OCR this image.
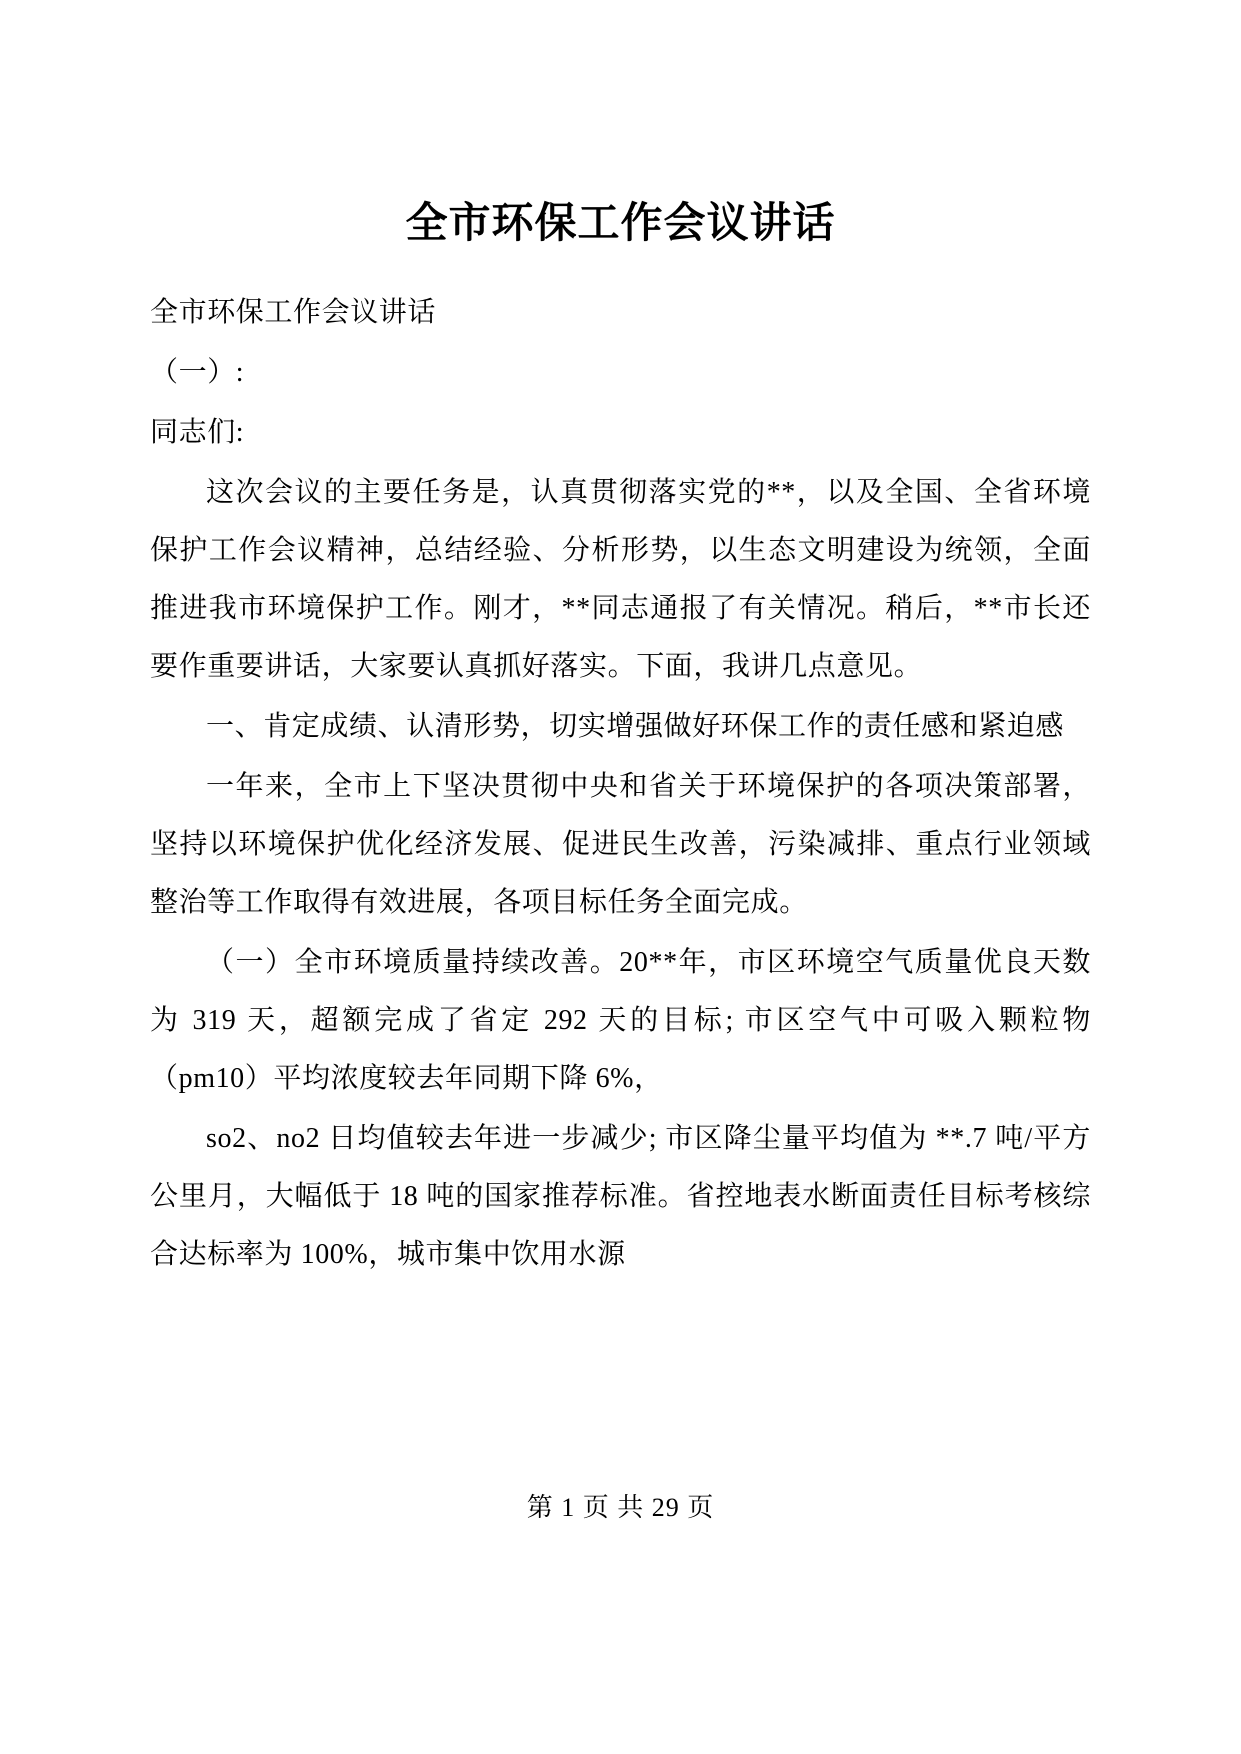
全市环保工作会议讲话

全市环保工作会议讲话

（一）:

同志们:

这次会议的主要任务是，认真贯彻落实党的**，以及全国、全省环境保护工作会议精神，总结经验、分析形势，以生态文明建设为统领，全面推进我市环境保护工作。刚才，**同志通报了有关情况。稍后，**市长还要作重要讲话，大家要认真抓好落实。下面，我讲几点意见。

一、肯定成绩、认清形势，切实增强做好环保工作的责任感和紧迫感

一年来，全市上下坚决贯彻中央和省关于环境保护的各项决策部署，坚持以环境保护优化经济发展、促进民生改善，污染减排、重点行业领域整治等工作取得有效进展，各项目标任务全面完成。

（一）全市环境质量持续改善。20**年，市区环境空气质量优良天数为 319 天，超额完成了省定 292 天的目标; 市区空气中可吸入颗粒物（pm10）平均浓度较去年同期下降 6%，

so2、no2 日均值较去年进一步减少; 市区降尘量平均值为 **.7 吨/平方公里月，大幅低于 18 吨的国家推荐标准。省控地表水断面责任目标考核综合达标率为 100%，城市集中饮用水源

第 1 页 共 29 页
